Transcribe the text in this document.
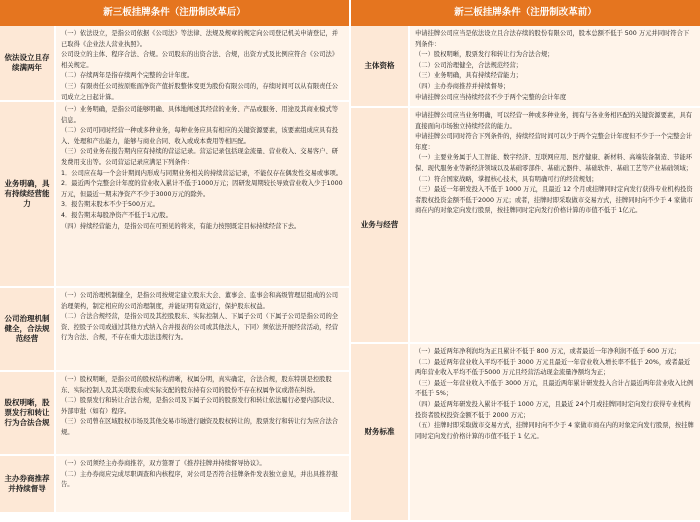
新三板挂牌条件（注册制改革后）
依法设立且存续满两年

（一）依法设立，是指公司依据《公司法》等法律、法规及规章的规定向公司登记机关申请登记，并已取得《企业法人营业执照》。

公司设立的主体、程序合法、合规。公司股东的出资合法、合规，出资方式及比例应符合《公司法》相关规定。

（二）存续两年是指存续两个完整的会计年度。

（三）有限责任公司按原账面净资产值折股整体变更为股份有限公司的，存续时间可以从有限责任公司成立之日起计算。

业务明确，具有持续经营能力

（一）业务明确，是指公司能够明确、具体地阐述其经营的业务、产品或服务、用途及其商业模式等信息。

（二）公司可同时经营一种或多种业务，每种业务应具有相应的关键资源要素，该要素组成应具有投入、处理和产出能力，能够与商业合同、收入或成本费用等相匹配。

（三）公司业务在报告期内应有持续的营运记录。营运记录包括现金流量、营业收入、交易客户、研发费用支出等。公司营运记录应满足下列条件：

1．公司应在每一个会计期间内形成与同期业务相关的持续营运记录，不能仅存在偶发性交易或事项。

2．最近两个完整会计年度的营业收入累计不低于1000万元；因研发周期较长导致营业收入少于1000万元，但最近一期末净资产不少于3000万元的除外。

3．报告期末股本不少于500万元。

4．报告期末每股净资产不低于1元/股。

（四）持续经营能力，是指公司在可预见的将来，有能力按照既定目标持续经营下去。

公司治理机制健全，合法规范经营

（一）公司治理机制健全，是指公司按规定建立股东大会、董事会、监事会和高级管理层组成的公司治理架构，制定相应的公司治理制度，并能证明有效运行，保护股东权益。

（二）合法合规经营，是指公司及其控股股东、实际控制人、下属子公司（下属子公司是指公司的全资、控股子公司或通过其他方式纳入合并报表的公司或其他法人，下同）须依法开展经营活动，经营行为合法、合规，不存在重大违法违规行为。

股权明晰，股票发行和转让行为合法合规

（一）股权明晰，是指公司的股权结构清晰，权属分明，真实确定，合法合规，股东特别是控股股东、实际控制人及其关联股东或实际支配的股东持有公司的股份不存在权属争议或潜在纠纷。

（二）股票发行和转让合法合规，是指公司及下属子公司的股票发行和转让依法履行必要内部决议、外部审批（如有）程序。

（三）公司曾在区域股权市场及其他交易市场进行融资及股权转让的，股票发行和转让行为应合法合规。

主办券商推荐并持续督导

（一）公司须经主办券商推荐，双方签署了《推荐挂牌并持续督导协议》。

（二）主办券商应完成尽职调查和内核程序，对公司是否符合挂牌条件发表独立意见，并出具推荐报告。

新三板挂牌条件（注册制改革前）
主体资格

申请挂牌公司应当是依法设立且合法存续的股份有限公司，股本总额不低于 500 万元并同时符合下列条件：

（一）股权明晰，股票发行和转让行为合法合规；

（二）公司治理健全，合法规范经营；

（三）业务明确，具有持续经营能力；

（四）主办券商推荐并持续督导；

申请挂牌公司应当持续经营不少于两个完整的会计年度

业务与经营

申请挂牌公司应当业务明确，可以经营一种或多种业务，拥有与各业务相匹配的关键资源要素，具有直接面向市场独立持续经营的能力。

申请挂牌公司同时符合下列条件的，持续经营时间可以少于两个完整会计年度但不少于一个完整会计年度：

（一）主要业务属于人工智能、数字经济、互联网应用、医疗健康、新材料、高端装备制造、节能环保、现代服务业等新经济领域以及基础零部件、基础元器件、基础软件、基础工艺等产业基础领域；

（二）符合国家战略，掌握核心技术，具有明确可行的经营规划；

（三）最近一年研发投入不低于 1000 万元，且最近 12 个月或挂牌同时定向发行获得专业机构投资者股权投资金额不低于2000 万元；或者，挂牌时即采取做市交易方式，挂牌同时向不少于 4 家做市商在内的对象定向发行股票，按挂牌同时定向发行价格计算的市值不低于 1亿元。

财务标准

（一）最近两年净利润均为正且累计不低于 800 万元，或者最近一年净利润不低于 600 万元；

（二）最近两年营业收入平均不低于 3000 万元且最近一年营业收入增长率不低于 20%，或者最近两年营业收入平均不低于5000 万元且经营活动现金流量净额均为正；

（三）最近一年营业收入不低于 3000 万元，且最近两年累计研发投入合计占最近两年营业收入比例不低于 5%；

（四）最近两年研发投入累计不低于 1000 万元，且最近 24个月或挂牌同时定向发行获得专业机构投资者股权投资金额不低于 2000 万元；

（五）挂牌时即采取做市交易方式，挂牌同时向不少于 4 家做市商在内的对象定向发行股票，按挂牌同时定向发行价格计算的市值不低于 1 亿元。
